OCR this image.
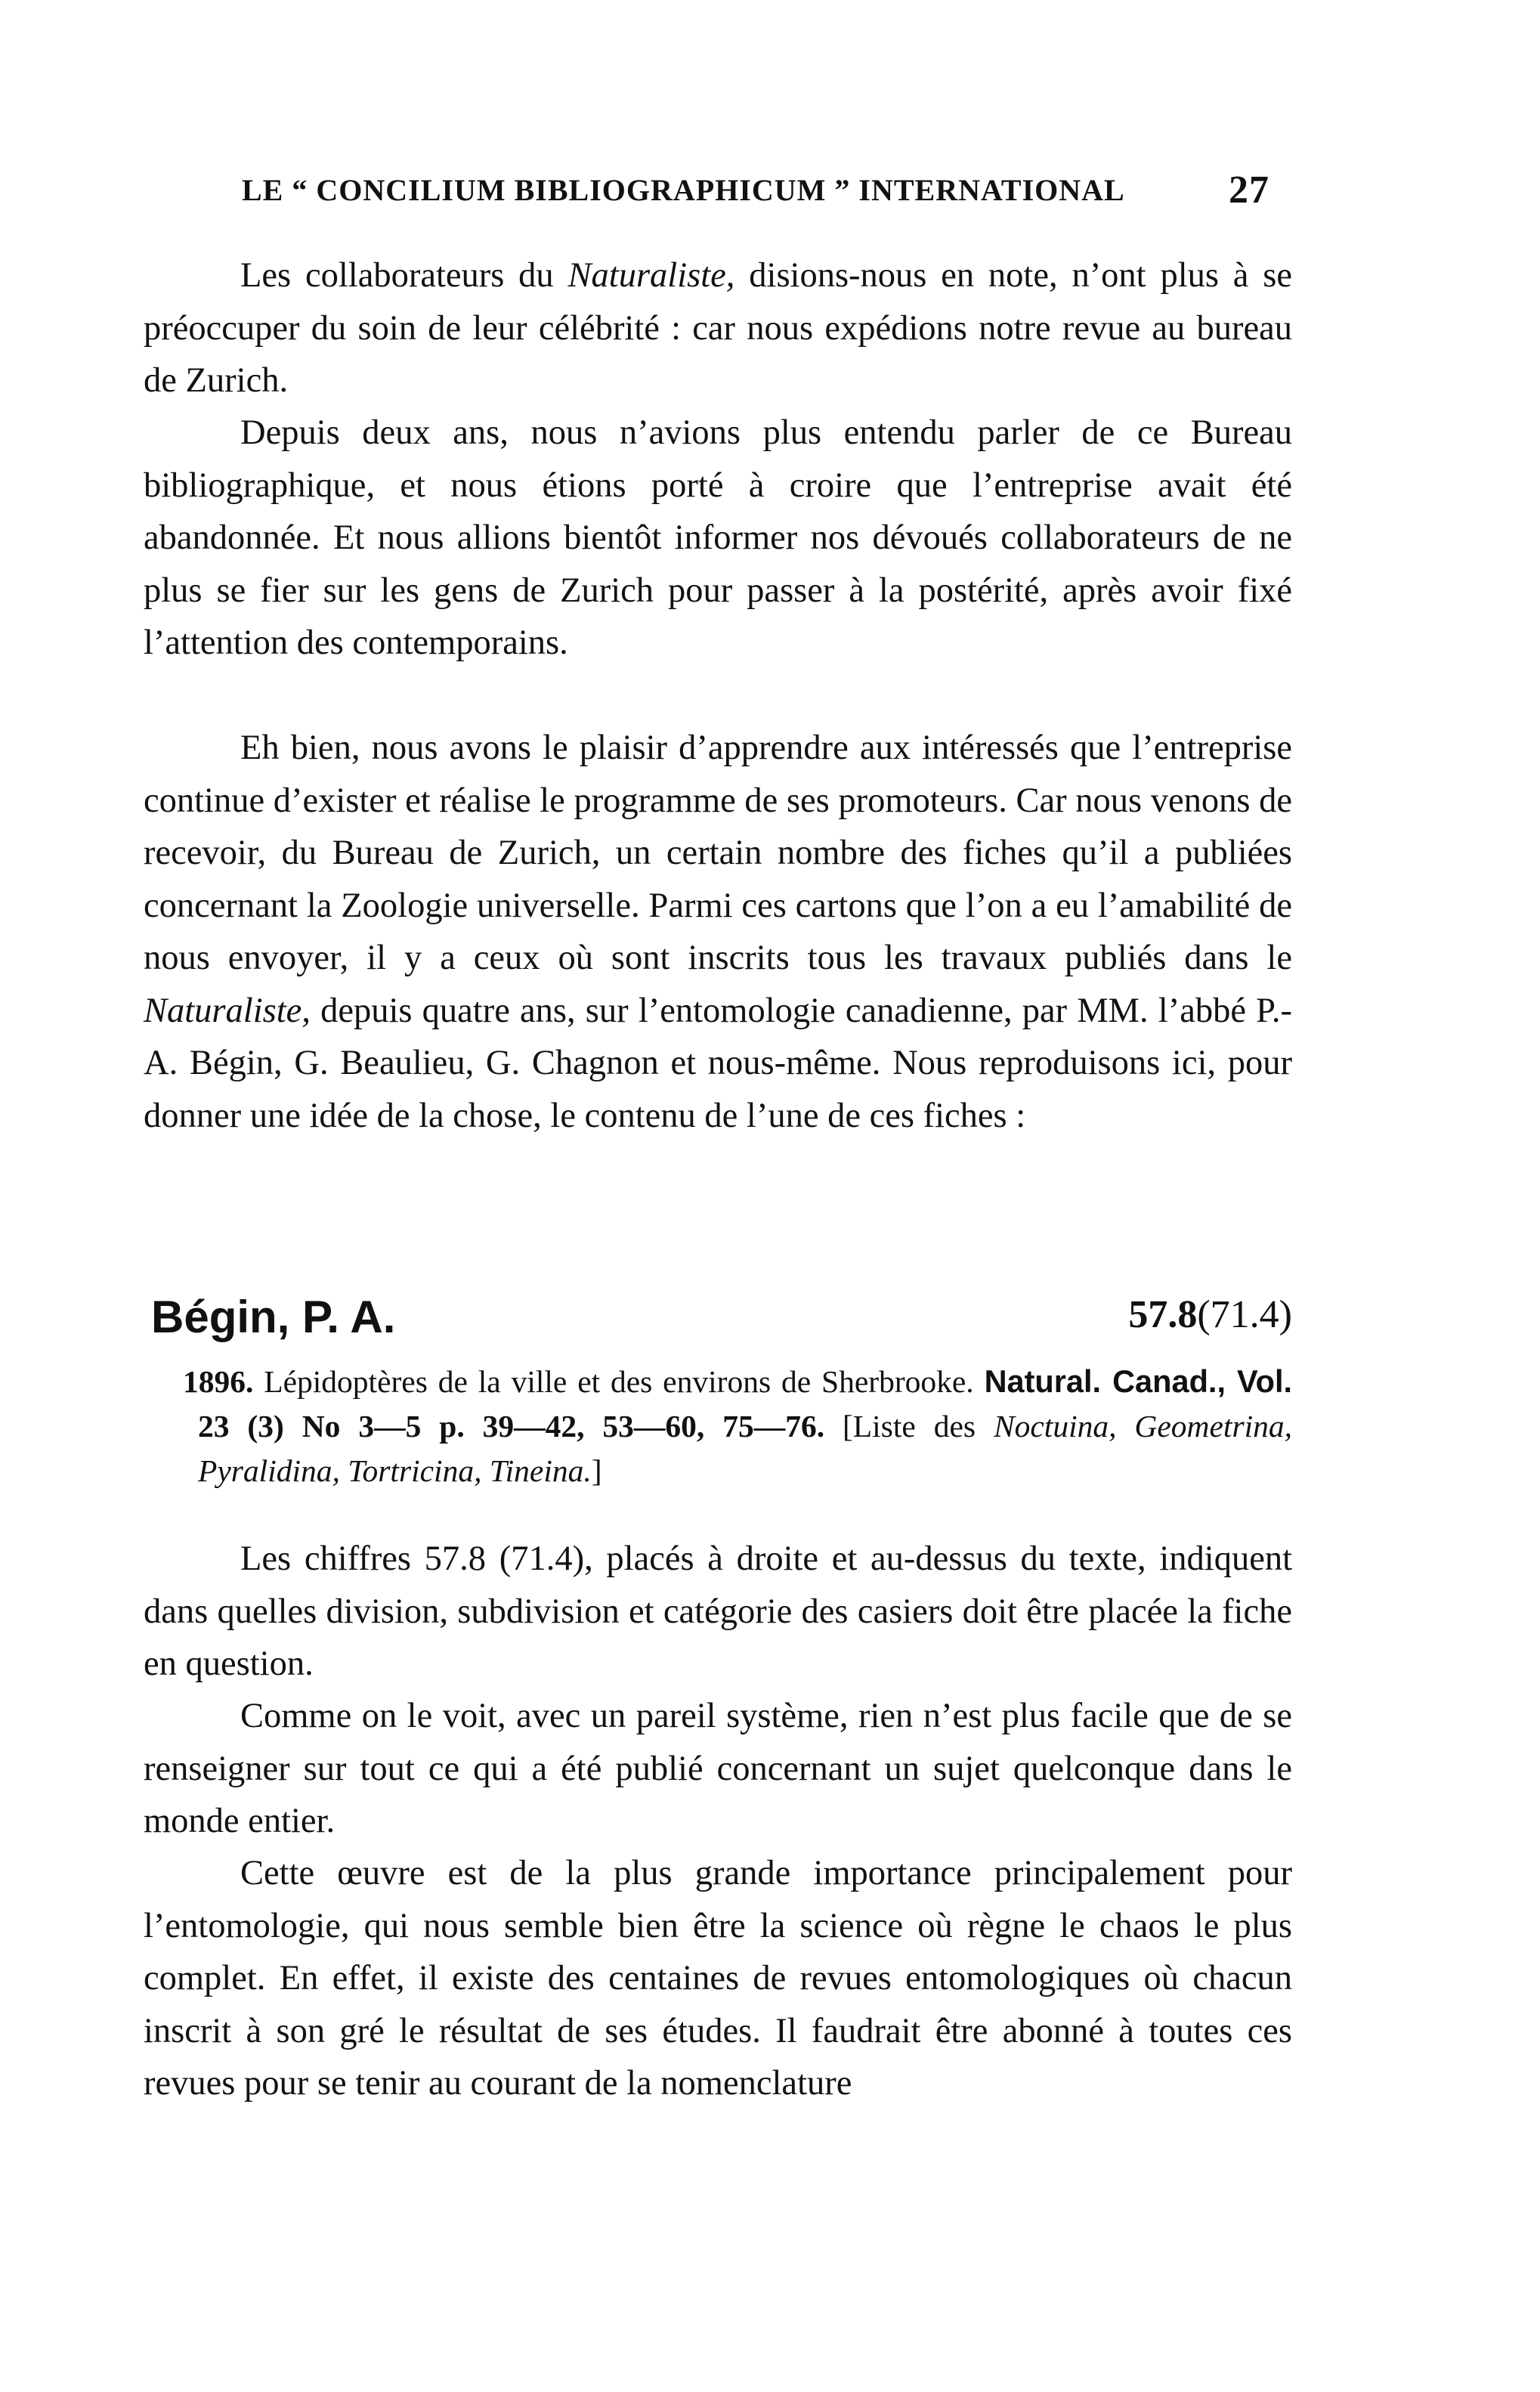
LE “ CONCILIUM BIBLIOGRAPHICUM ” INTERNATIONAL	27

Les collaborateurs du Naturaliste, disions-nous en note, n’ont plus à se préoccuper du soin de leur célébrité : car nous expédions notre revue au bureau de Zurich.

Depuis deux ans, nous n’avions plus entendu parler de ce Bureau bibliographique, et nous étions porté à croire que l’entreprise avait été abandonnée. Et nous allions bientôt informer nos dévoués collaborateurs de ne plus se fier sur les gens de Zurich pour passer à la postérité, après avoir fixé l’attention des contemporains.

Eh bien, nous avons le plaisir d’apprendre aux intéressés que l’entreprise continue d’exister et réalise le programme de ses promoteurs. Car nous venons de recevoir, du Bureau de Zurich, un certain nombre des fiches qu’il a publiées concernant la Zoologie universelle. Parmi ces cartons que l’on a eu l’amabilité de nous envoyer, il y a ceux où sont inscrits tous les travaux publiés dans le Naturaliste, depuis quatre ans, sur l’entomologie canadienne, par MM. l’abbé P.-A. Bégin, G. Beaulieu, G. Chagnon et nous-même. Nous reproduisons ici, pour donner une idée de la chose, le contenu de l’une de ces fiches :

Bégin, P. A.	57.8(71.4)
1896. Lépidoptères de la ville et des environs de Sherbrooke. Natural. Canad., Vol. 23 (3) No 3—5 p. 39—42, 53—60, 75—76. [Liste des Noctuina, Geometrina, Pyralidina, Tortricina, Tineina.]

Les chiffres 57.8 (71.4), placés à droite et au-dessus du texte, indiquent dans quelles division, subdivision et catégorie des casiers doit être placée la fiche en question.

Comme on le voit, avec un pareil système, rien n’est plus facile que de se renseigner sur tout ce qui a été publié concernant un sujet quelconque dans le monde entier.

Cette œuvre est de la plus grande importance principalement pour l’entomologie, qui nous semble bien être la science où règne le chaos le plus complet. En effet, il existe des centaines de revues entomologiques où chacun inscrit à son gré le résultat de ses études. Il faudrait être abonné à toutes ces revues pour se tenir au courant de la nomenclature
